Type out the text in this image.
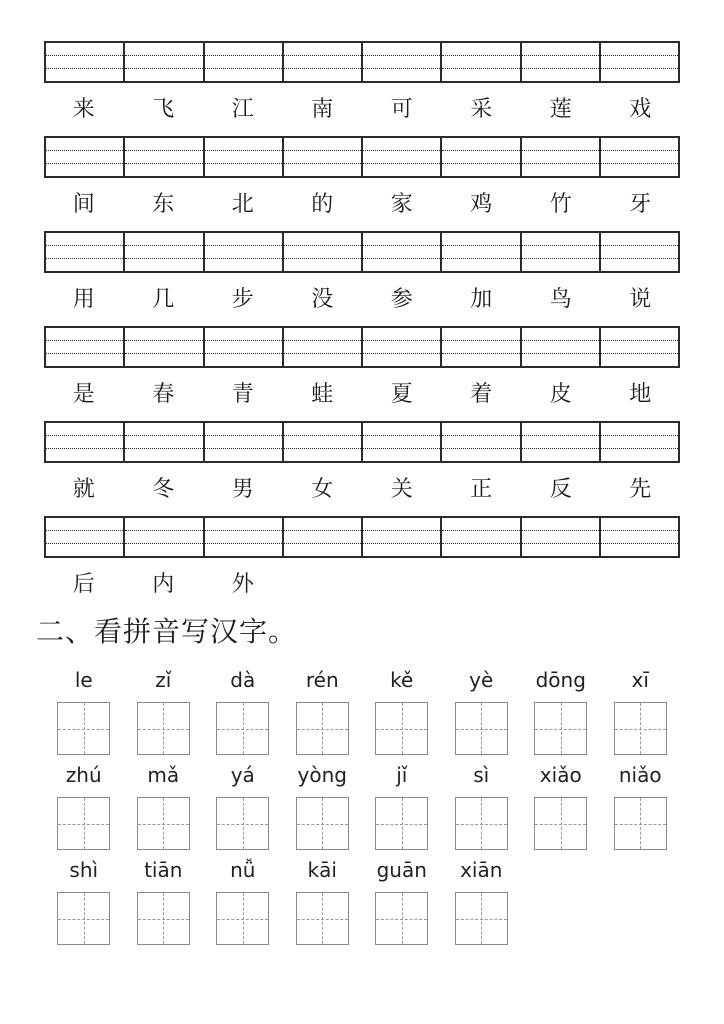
来	飞	江	南	可	采	莲	戏
间	东	北	的	家	鸡	竹	牙
用	几	步	没	参	加	鸟	说
是	春	青	蛙	夏	着	皮	地
就	冬	男	女	关	正	反	先
后	内	外
二、看拼音写汉字。
le	zǐ	dà	rén	kě	yè dōng xī
zhú mǎ	yá yòng jǐ	sì	xiǎo niǎo
shì tiān nǚ	kāi guān xiān
